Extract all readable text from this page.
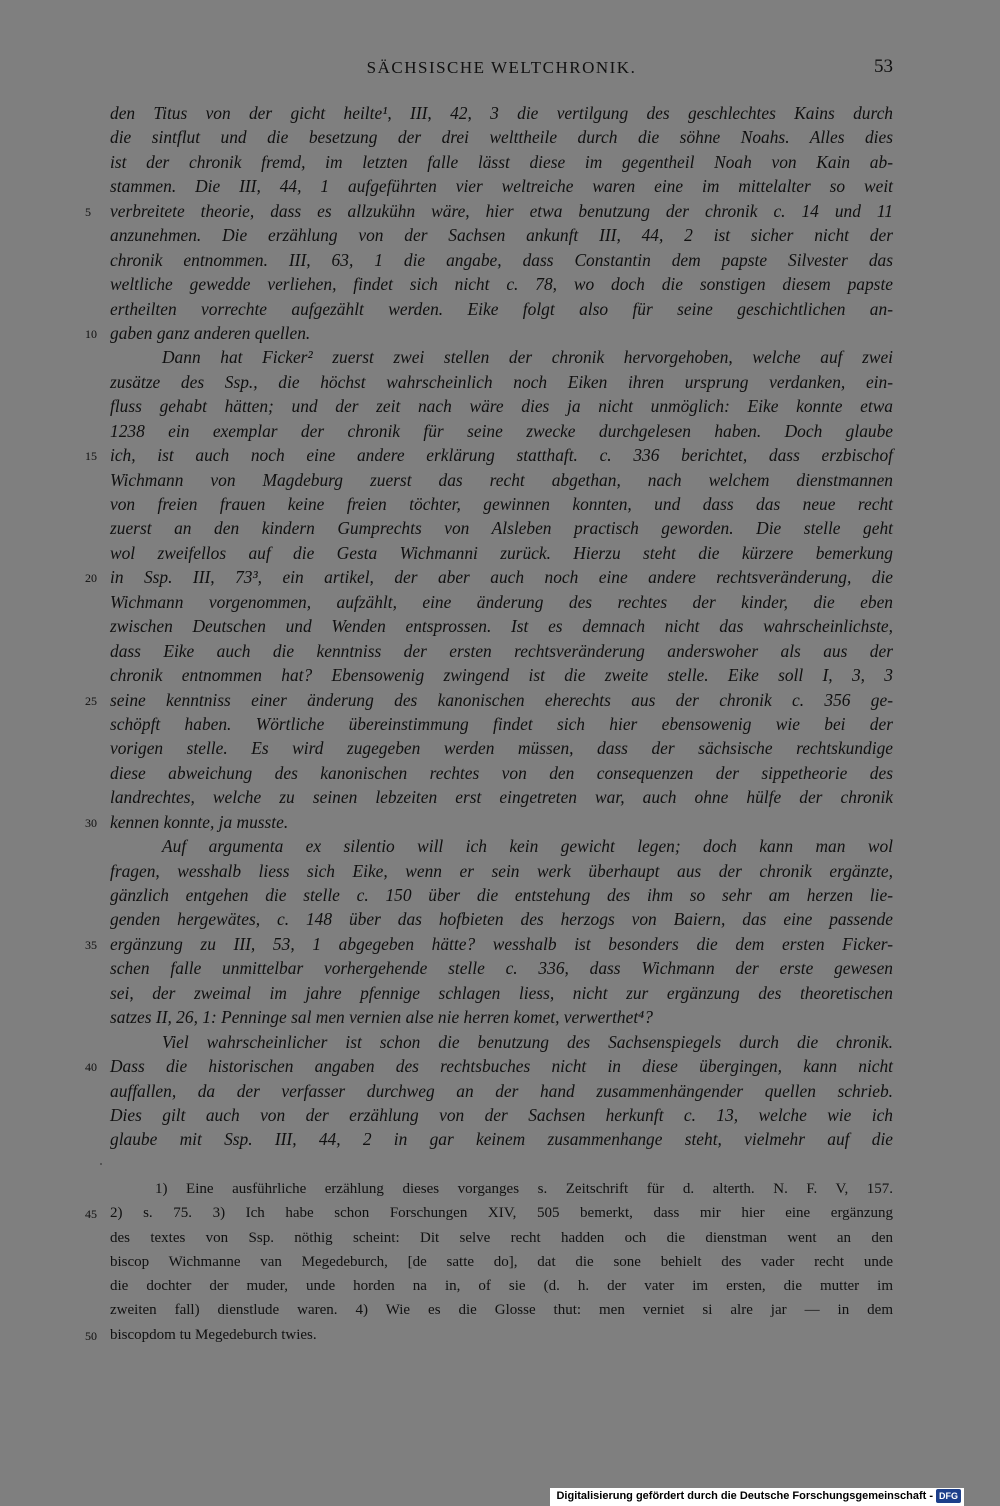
SÄCHSISCHE WELTCHRONIK.	53
den Titus von der gicht heilte¹, III, 42, 3 die vertilgung des geschlechtes Kains durch
die sintflut und die besetzung der drei welttheile durch die söhne Noahs. Alles dies
ist der chronik fremd, im letzten falle lässt diese im gegentheil Noah von Kain ab-
stammen. Die III, 44, 1 aufgeführten vier weltreiche waren eine im mittelalter so weit
5 verbreitete theorie, dass es allzukühn wäre, hier etwa benutzung der chronik c. 14 und 11
anzunehmen. Die erzählung von der Sachsen ankunft III, 44, 2 ist sicher nicht der
chronik entnommen. III, 63, 1 die angabe, dass Constantin dem papste Silvester das
weltliche gewedde verliehen, findet sich nicht c. 78, wo doch die sonstigen diesem papste
ertheilten vorrechte aufgezählt werden. Eike folgt also für seine geschichtlichen an-
10 gaben ganz anderen quellen.
Dann hat Ficker² zuerst zwei stellen der chronik hervorgehoben, welche auf zwei
zusätze des Ssp., die höchst wahrscheinlich noch Eiken ihren ursprung verdanken, ein-
fluss gehabt hätten; und der zeit nach wäre dies ja nicht unmöglich: Eike konnte etwa
1238 ein exemplar der chronik für seine zwecke durchgelesen haben. Doch glaube
15 ich, ist auch noch eine andere erklärung statthaft. c. 336 berichtet, dass erzbischof
Wichmann von Magdeburg zuerst das recht abgethan, nach welchem dienstmannen
von freien frauen keine freien töchter, gewinnen konnten, und dass das neue recht
zuerst an den kindern Gumprechts von Alsleben practisch geworden. Die stelle geht
wol zweifellos auf die Gesta Wichmanni zurück. Hierzu steht die kürzere bemerkung
20 in Ssp. III, 73³, ein artikel, der aber auch noch eine andere rechtsveränderung, die
Wichmann vorgenommen, aufzählt, eine änderung des rechtes der kinder, die eben
zwischen Deutschen und Wenden entsprossen. Ist es demnach nicht das wahrscheinlichste,
dass Eike auch die kenntniss der ersten rechtsveränderung anderswoher als aus der
chronik entnommen hat? Ebensowenig zwingend ist die zweite stelle. Eike soll I, 3, 3
25 seine kenntniss einer änderung des kanonischen eherechts aus der chronik c. 356 ge-
schöpft haben. Wörtliche übereinstimmung findet sich hier ebensowenig wie bei der
vorigen stelle. Es wird zugegeben werden müssen, dass der sächsische rechtskundige
diese abweichung des kanonischen rechtes von den consequenzen der sippetheorie des
landrechtes, welche zu seinen lebzeiten erst eingetreten war, auch ohne hülfe der chronik
30 kennen konnte, ja musste.
Auf argumenta ex silentio will ich kein gewicht legen; doch kann man wol
fragen, wesshalb liess sich Eike, wenn er sein werk überhaupt aus der chronik ergänzte,
gänzlich entgehen die stelle c. 150 über die entstehung des ihm so sehr am herzen lie-
genden hergewätes, c. 148 über das hofbieten des herzogs von Baiern, das eine passende
35 ergänzung zu III, 53, 1 abgegeben hätte? wesshalb ist besonders die dem ersten Ficker-
schen falle unmittelbar vorhergehende stelle c. 336, dass Wichmann der erste gewesen
sei, der zweimal im jahre pfennige schlagen liess, nicht zur ergänzung des theoretischen
satzes II, 26, 1: Penninge sal men vernien alse nie herren komet, verwerthet⁴?
Viel wahrscheinlicher ist schon die benutzung des Sachsenspiegels durch die chronik.
40 Dass die historischen angaben des rechtsbuches nicht in diese übergingen, kann nicht
auffallen, da der verfasser durchweg an der hand zusammenhängender quellen schrieb.
Dies gilt auch von der erzählung von der Sachsen herkunft c. 13, welche wie ich
glaube mit Ssp. III, 44, 2 in gar keinem zusammenhange steht, vielmehr auf die
1) Eine ausführliche erzählung dieses vorganges s. Zeitschrift für d. alterth. N. F. V, 157.
45 2) s. 75. 3) Ich habe schon Forschungen XIV, 505 bemerkt, dass mir hier eine ergänzung
des textes von Ssp. nöthig scheint: Dit selve recht hadden och die dienstman went an den
biscop Wichmanne van Megedeburch, [de satte do], dat die sone behielt des vader recht unde
die dochter der muder, unde horden na in, of sie (d. h. der vater im ersten, die mutter im
zweiten fall) dienstlude waren. 4) Wie es die Glosse thut: men verniet si alre jar — in dem
50 biscopdom tu Megedeburch twies.
Digitalisierung gefördert durch die Deutsche Forschungsgemeinschaft - DFG
